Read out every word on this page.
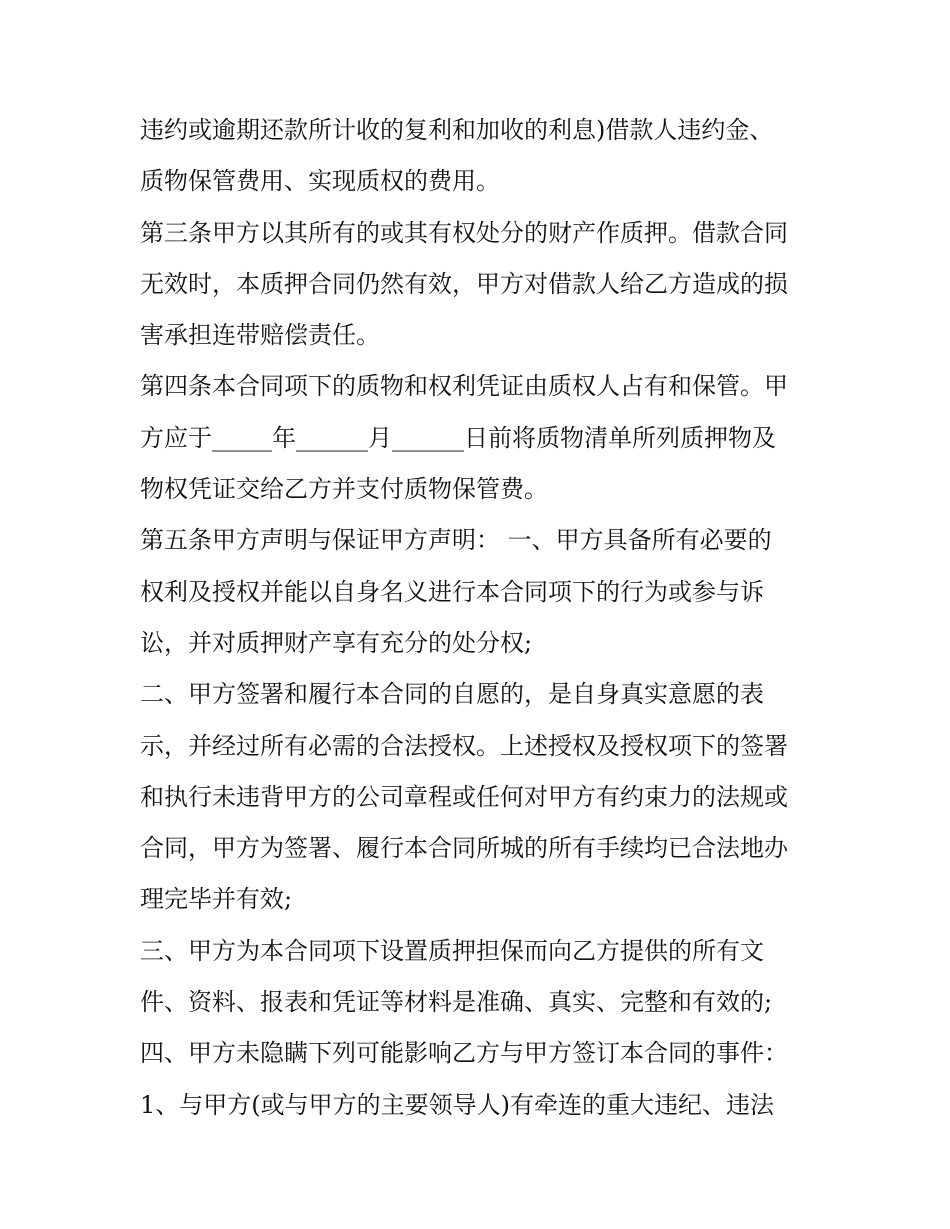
违约或逾期还款所计收的复利和加收的利息)借款人违约金、
质物保管费用、实现质权的费用。
第三条甲方以其所有的或其有权处分的财产作质押。借款合同
无效时，本质押合同仍然有效，甲方对借款人给乙方造成的损
害承担连带赔偿责任。
第四条本合同项下的质物和权利凭证由质权人占有和保管。甲
方应于_____年______月______日前将质物清单所列质押物及
物权凭证交给乙方并支付质物保管费。
第五条甲方声明与保证甲方声明： 一、甲方具备所有必要的
权利及授权并能以自身名义进行本合同项下的行为或参与诉
讼，并对质押财产享有充分的处分权;
二、甲方签署和履行本合同的自愿的，是自身真实意愿的表
示，并经过所有必需的合法授权。上述授权及授权项下的签署
和执行未违背甲方的公司章程或任何对甲方有约束力的法规或
合同，甲方为签署、履行本合同所城的所有手续均已合法地办
理完毕并有效;
三、甲方为本合同项下设置质押担保而向乙方提供的所有文
件、资料、报表和凭证等材料是准确、真实、完整和有效的;
四、甲方未隐瞒下列可能影响乙方与甲方签订本合同的事件：
1、与甲方(或与甲方的主要领导人)有牵连的重大违纪、违法
